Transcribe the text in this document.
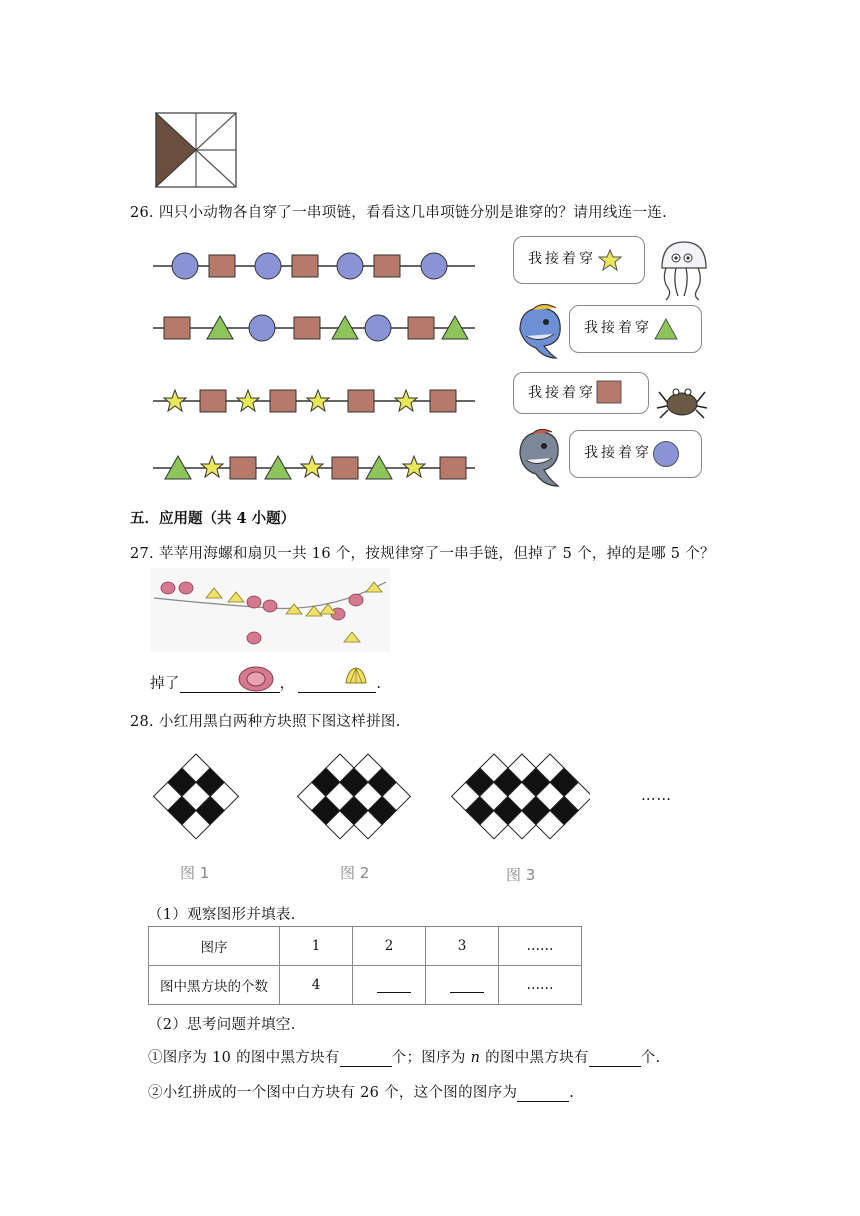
26. 四只小动物各自穿了一串项链，看看这几串项链分别是谁穿的？请用线连一连.
我接着穿
我接着穿
我接着穿
我接着穿
五．应用题（共 4 小题）
27. 苹苹用海螺和扇贝一共 16 个，按规律穿了一串手链，但掉了 5 个，掉的是哪 5 个？
掉了	，	.
28. 小红用黑白两种方块照下图这样拼图.
……
图 1	图 2	图 3
（1）观察图形并填表.
图序	1	2	3	……
图中黑方块的个数	4			……
（2）思考问题并填空.
①图序为 10 的图中黑方块有	个；图序为 n 的图中黑方块有	个.
②小红拼成的一个图中白方块有 26 个，这个图的图序为	.
